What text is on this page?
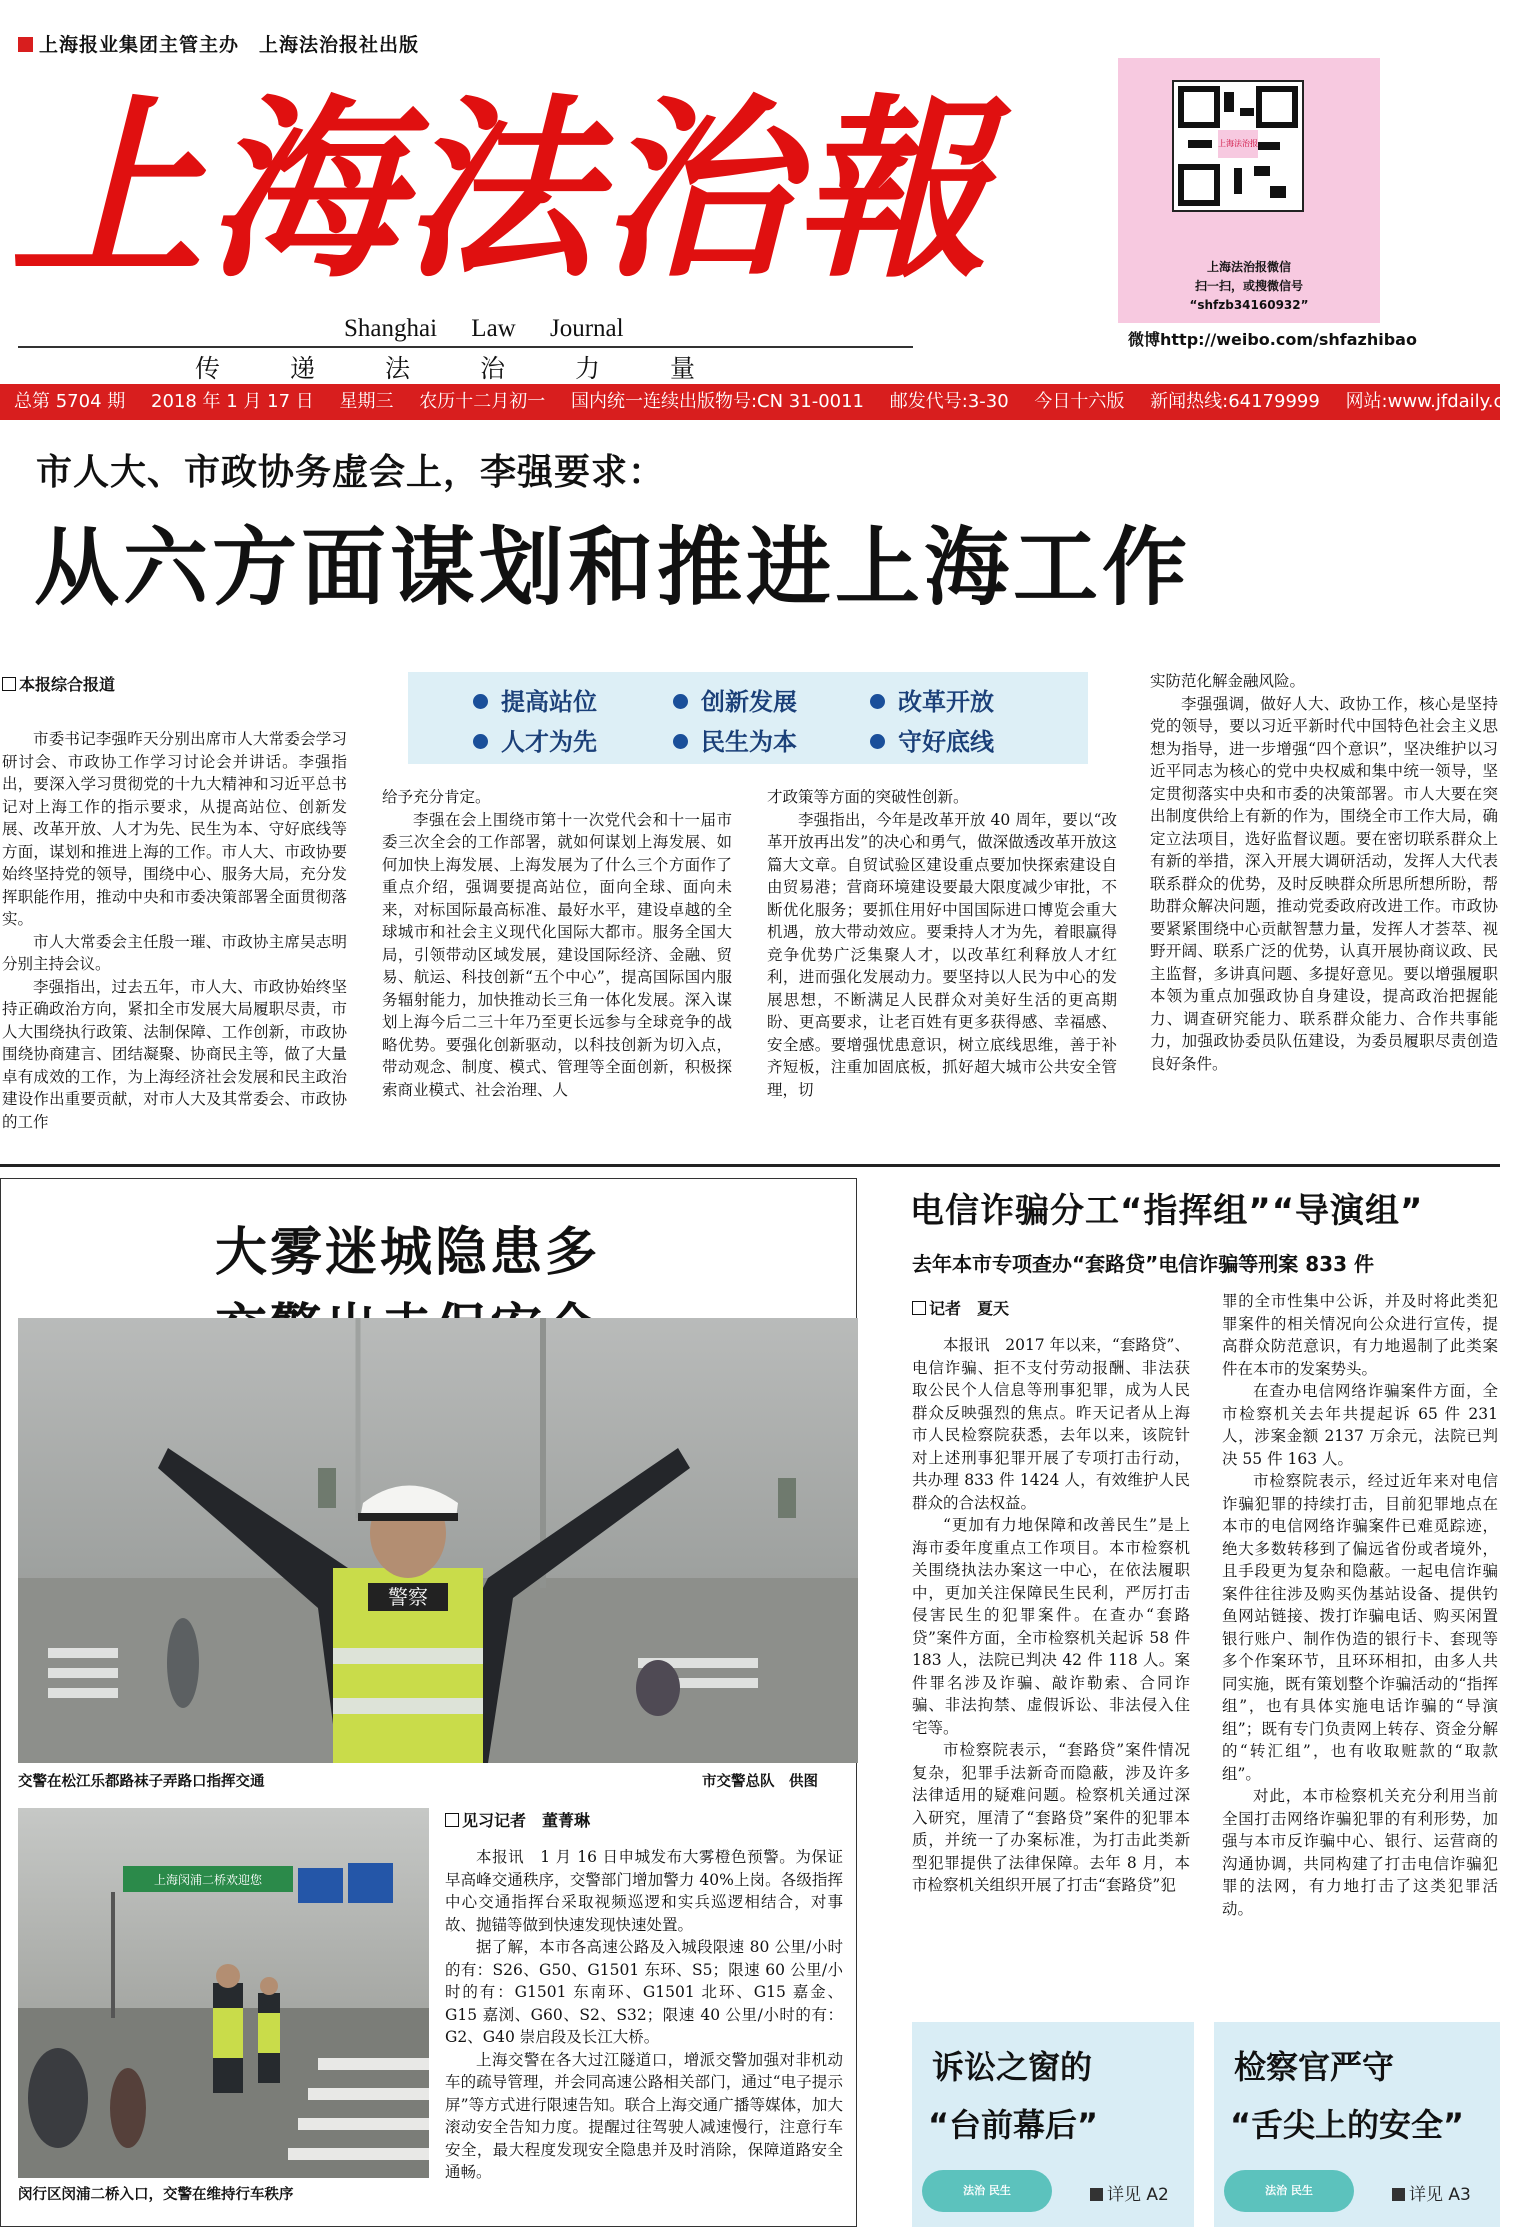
上海报业集团主管主办　上海法治报社出版
上海法治報
Shanghai Law Journal
传递法治力量
上海法治报
上海法治报微信
扫一扫，或搜微信号
“shfzb34160932”
微博http://weibo.com/shfazhibao
总第 5704 期 2018 年 1 月 17 日 星期三 农历十二月初一 国内统一连续出版物号:CN 31-0011 邮发代号:3-30 今日十六版 新闻热线:64179999 网站:www.jfdaily.com
市人大、市政协务虚会上，李强要求：
从六方面谋划和推进上海工作
本报综合报道
提高站位	创新发展	改革开放
人才为先	民生为本	守好底线

市委书记李强昨天分别出席市人大常委会学习研讨会、市政协工作学习讨论会并讲话。李强指出，要深入学习贯彻党的十九大精神和习近平总书记对上海工作的指示要求，从提高站位、创新发展、改革开放、人才为先、民生为本、守好底线等方面，谋划和推进上海的工作。市人大、市政协要始终坚持党的领导，围绕中心、服务大局，充分发挥职能作用，推动中央和市委决策部署全面贯彻落实。

市人大常委会主任殷一璀、市政协主席吴志明分别主持会议。

李强指出，过去五年，市人大、市政协始终坚持正确政治方向，紧扣全市发展大局履职尽责，市人大围绕执行政策、法制保障、工作创新，市政协围绕协商建言、团结凝聚、协商民主等，做了大量卓有成效的工作，为上海经济社会发展和民主政治建设作出重要贡献，对市人大及其常委会、市政协的工作

给予充分肯定。

李强在会上围绕市第十一次党代会和十一届市委三次全会的工作部署，就如何谋划上海发展、如何加快上海发展、上海发展为了什么三个方面作了重点介绍，强调要提高站位，面向全球、面向未来，对标国际最高标准、最好水平，建设卓越的全球城市和社会主义现代化国际大都市。服务全国大局，引领带动区域发展，建设国际经济、金融、贸易、航运、科技创新“五个中心”，提高国际国内服务辐射能力，加快推动长三角一体化发展。深入谋划上海今后二三十年乃至更长远参与全球竞争的战略优势。要强化创新驱动，以科技创新为切入点，带动观念、制度、模式、管理等全面创新，积极探索商业模式、社会治理、人

才政策等方面的突破性创新。

李强指出，今年是改革开放 40 周年，要以“改革开放再出发”的决心和勇气，做深做透改革开放这篇大文章。自贸试验区建设重点要加快探索建设自由贸易港；营商环境建设要最大限度减少审批，不断优化服务；要抓住用好中国国际进口博览会重大机遇，放大带动效应。要秉持人才为先，着眼赢得竞争优势广泛集聚人才，以改革红利释放人才红利，进而强化发展动力。要坚持以人民为中心的发展思想，不断满足人民群众对美好生活的更高期盼、更高要求，让老百姓有更多获得感、幸福感、安全感。要增强忧患意识，树立底线思维，善于补齐短板，注重加固底板，抓好超大城市公共安全管理，切

实防范化解金融风险。

李强强调，做好人大、政协工作，核心是坚持党的领导，要以习近平新时代中国特色社会主义思想为指导，进一步增强“四个意识”，坚决维护以习近平同志为核心的党中央权威和集中统一领导，坚定贯彻落实中央和市委的决策部署。市人大要在突出制度供给上有新的作为，围绕全市工作大局，确定立法项目，选好监督议题。要在密切联系群众上有新的举措，深入开展大调研活动，发挥人大代表联系群众的优势，及时反映群众所思所想所盼，帮助群众解决问题，推动党委政府改进工作。市政协要紧紧围绕中心贡献智慧力量，发挥人才荟萃、视野开阔、联系广泛的优势，认真开展协商议政、民主监督，多讲真问题、多提好意见。要以增强履职本领为重点加强政协自身建设，提高政治把握能力、调查研究能力、联系群众能力、合作共事能力，加强政协委员队伍建设，为委员履职尽责创造良好条件。

大雾迷城隐患多
警察
交警在松江乐都路袜子弄路口指挥交通	市交警总队　供图
上海闵浦二桥欢迎您
闵行区闵浦二桥入口，交警在维持行车秩序
见习记者　董菁琳

本报讯　1 月 16 日申城发布大雾橙色预警。为保证早高峰交通秩序，交警部门增加警力 40%上岗。各级指挥中心交通指挥台采取视频巡逻和实兵巡逻相结合，对事故、抛锚等做到快速发现快速处置。

据了解，本市各高速公路及入城段限速 80 公里/小时的有：S26、G50、G1501 东环、S5；限速 60 公里/小时的有：G1501 东南环、G1501 北环、G15 嘉金、G15 嘉浏、G60、S2、S32；限速 40 公里/小时的有：G2、G40 崇启段及长江大桥。

上海交警在各大过江隧道口，增派交警加强对非机动车的疏导管理，并会同高速公路相关部门，通过“电子提示屏”等方式进行限速告知。联合上海交通广播等媒体，加大滚动安全告知力度。提醒过往驾驶人减速慢行，注意行车安全，最大程度发现安全隐患并及时消除，保障道路安全通畅。

电信诈骗分工“指挥组”“导演组”
去年本市专项查办“套路贷”电信诈骗等刑案 833 件
记者　夏天

本报讯　2017 年以来，“套路贷”、电信诈骗、拒不支付劳动报酬、非法获取公民个人信息等刑事犯罪，成为人民群众反映强烈的焦点。昨天记者从上海市人民检察院获悉，去年以来，该院针对上述刑事犯罪开展了专项打击行动，共办理 833 件 1424 人，有效维护人民群众的合法权益。

“更加有力地保障和改善民生”是上海市委年度重点工作项目。本市检察机关围绕执法办案这一中心，在依法履职中，更加关注保障民生民利，严厉打击侵害民生的犯罪案件。在查办“套路贷”案件方面，全市检察机关起诉 58 件 183 人，法院已判决 42 件 118 人。案件罪名涉及诈骗、敲诈勒索、合同诈骗、非法拘禁、虚假诉讼、非法侵入住宅等。

市检察院表示，“套路贷”案件情况复杂，犯罪手法新奇而隐蔽，涉及许多法律适用的疑难问题。检察机关通过深入研究，厘清了“套路贷”案件的犯罪本质，并统一了办案标准，为打击此类新型犯罪提供了法律保障。去年 8 月，本市检察机关组织开展了打击“套路贷”犯

罪的全市性集中公诉，并及时将此类犯罪案件的相关情况向公众进行宣传，提高群众防范意识，有力地遏制了此类案件在本市的发案势头。

在查办电信网络诈骗案件方面，全市检察机关去年共提起诉 65 件 231 人，涉案金额 2137 万余元，法院已判决 55 件 163 人。

市检察院表示，经过近年来对电信诈骗犯罪的持续打击，目前犯罪地点在本市的电信网络诈骗案件已难觅踪迹，绝大多数转移到了偏远省份或者境外，且手段更为复杂和隐蔽。一起电信诈骗案件往往涉及购买伪基站设备、提供钓鱼网站链接、拨打诈骗电话、购买闲置银行账户、制作伪造的银行卡、套现等多个作案环节，且环环相扣，由多人共同实施，既有策划整个诈骗活动的“指挥组”，也有具体实施电话诈骗的“导演组”；既有专门负责网上转存、资金分解的“转汇组”，也有收取赃款的“取款组”。

对此，本市检察机关充分利用当前全国打击网络诈骗犯罪的有利形势，加强与本市反诈骗中心、银行、运营商的沟通协调，共同构建了打击电信诈骗犯罪的法网，有力地打击了这类犯罪活动。

诉讼之窗的
“台前幕后”
法治 民生	详见 A2
检察官严守
“舌尖上的安全”
法治 民生	详见 A3
